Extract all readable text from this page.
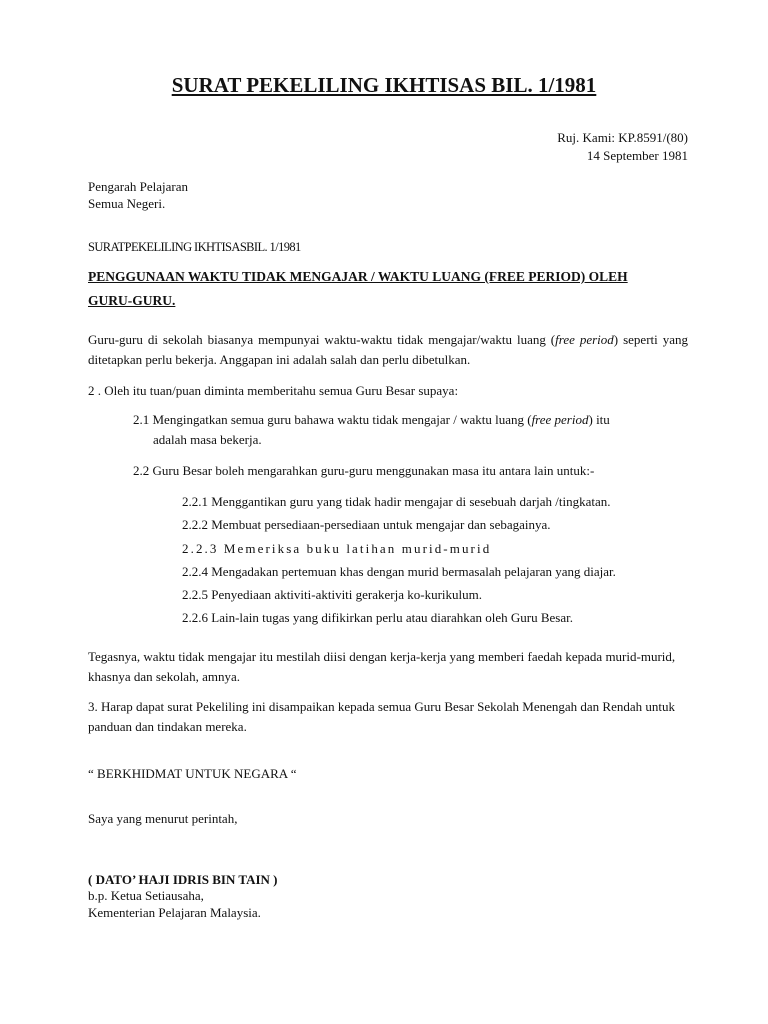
SURAT PEKELILING IKHTISAS BIL. 1/1981
Ruj. Kami: KP.8591/(80)
14 September 1981
Pengarah Pelajaran
Semua Negeri.
SURATPEKELILING IKHTISASBIL. 1/1981
PENGGUNAAN WAKTU TIDAK MENGAJAR / WAKTU LUANG (FREE PERIOD) OLEH
GURU-GURU.
Guru-guru di sekolah biasanya mempunyai waktu-waktu tidak mengajar/waktu luang (free period) seperti yang ditetapkan perlu bekerja. Anggapan ini adalah salah dan perlu dibetulkan.
2 . Oleh itu tuan/puan diminta memberitahu semua Guru Besar supaya:
2.1 Mengingatkan semua guru bahawa waktu tidak mengajar / waktu luang (free period) itu
adalah masa bekerja.
2.2 Guru Besar boleh mengarahkan guru-guru menggunakan masa itu antara lain untuk:-
2.2.1 Menggantikan guru yang tidak hadir mengajar di sesebuah darjah /tingkatan.
2.2.2 Membuat persediaan-persediaan untuk mengajar dan sebagainya.
2.2.3 Memeriksa buku latihan murid-murid
2.2.4 Mengadakan pertemuan khas dengan murid bermasalah pelajaran yang diajar.
2.2.5 Penyediaan aktiviti-aktiviti gerakerja ko-kurikulum.
2.2.6 Lain-lain tugas yang difikirkan perlu atau diarahkan oleh Guru Besar.
Tegasnya, waktu tidak mengajar itu mestilah diisi dengan kerja-kerja yang memberi faedah kepada murid-murid, khasnya dan sekolah, amnya.
3. Harap dapat surat Pekeliling ini disampaikan kepada semua Guru Besar Sekolah Menengah dan Rendah untuk panduan dan tindakan mereka.
“ BERKHIDMAT UNTUK NEGARA “
Saya yang menurut perintah,
( DATO’ HAJI IDRIS BIN TAIN )
b.p. Ketua Setiausaha,
Kementerian Pelajaran Malaysia.
